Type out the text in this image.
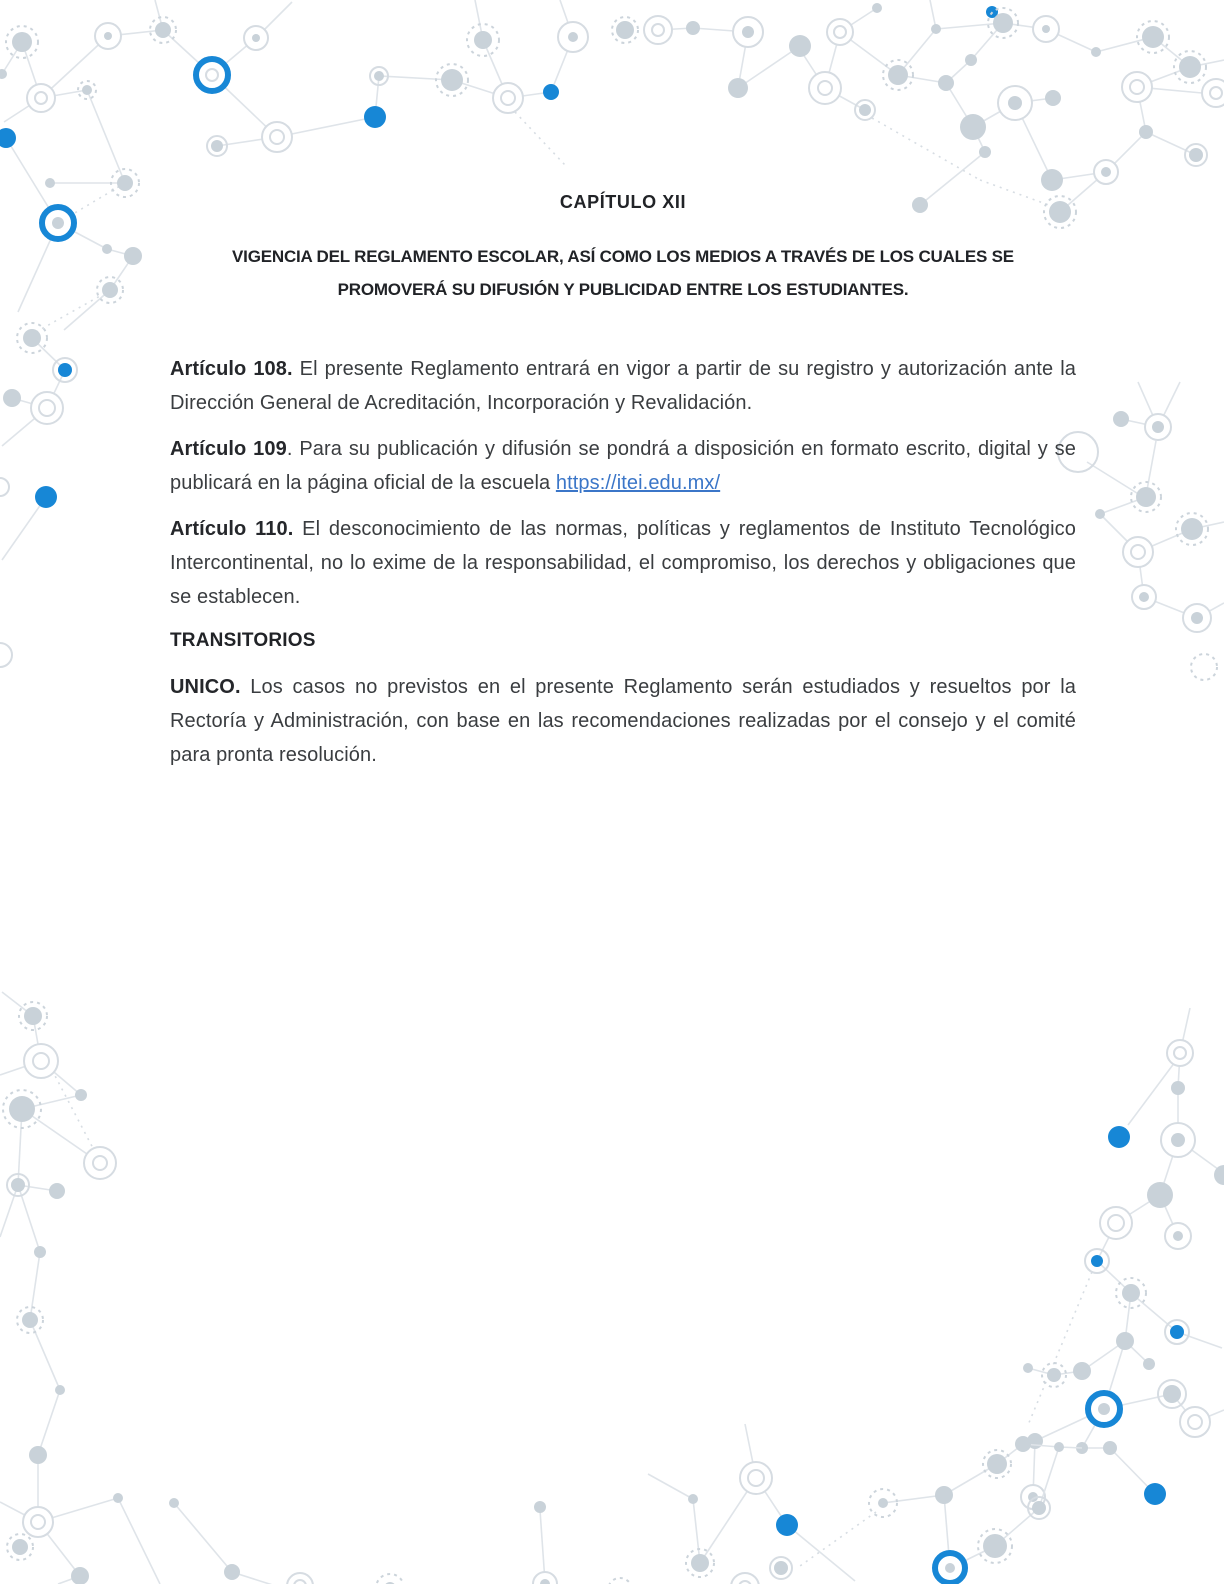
CAPÍTULO XII
VIGENCIA DEL REGLAMENTO ESCOLAR, ASÍ COMO LOS MEDIOS A TRAVÉS DE LOS CUALES SE
PROMOVERÁ SU DIFUSIÓN Y PUBLICIDAD ENTRE LOS ESTUDIANTES.

Artículo 108. El presente Reglamento entrará en vigor a partir de su registro y autorización ante la Dirección General de Acreditación, Incorporación y Revalidación.

Artículo 109. Para su publicación y difusión se pondrá a disposición en formato escrito, digital y se publicará en la página oficial de la escuela https://itei.edu.mx/

Artículo 110. El desconocimiento de las normas, políticas y reglamentos de Instituto Tecnológico Intercontinental, no lo exime de la responsabilidad, el compromiso, los derechos y obligaciones que se establecen.

TRANSITORIOS

UNICO. Los casos no previstos en el presente Reglamento serán estudiados y resueltos por la Rectoría y Administración, con base en las recomendaciones realizadas por el consejo y el comité para pronta resolución.
